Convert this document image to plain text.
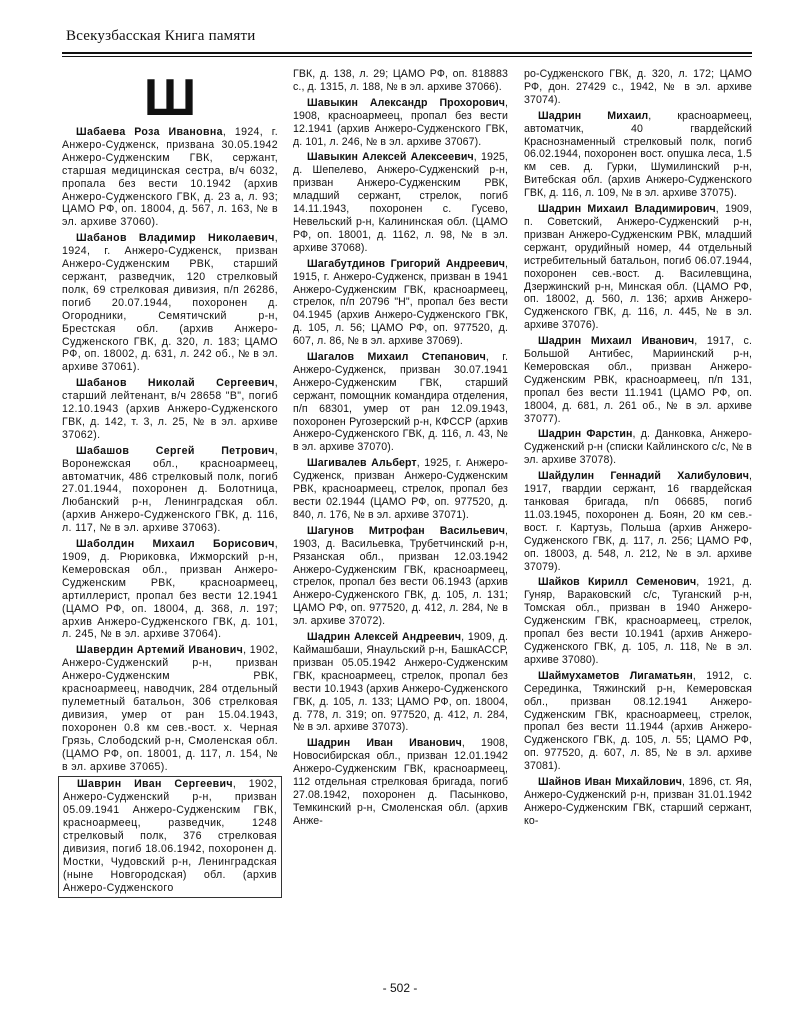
Всекузбасская Книга памяти
Ш

Шабаева Роза Ивановна, 1924, г. Анжеро-Судженск, призвана 30.05.1942 Анжеро-Судженским ГВК, сержант, старшая медицинская сестра, в/ч 6032, пропала без вести 10.1942 (архив Анжеро-Судженского ГВК, д. 23 а, л. 93; ЦАМО РФ, оп. 18004, д. 567, л. 163, № в эл. архиве 37060).

Шабанов Владимир Николаевич, 1924, г. Анжеро-Судженск, призван Анжеро-Судженским РВК, старший сержант, разведчик, 120 стрелковый полк, 69 стрелковая дивизия, п/п 26286, погиб 20.07.1944, похоронен д. Огородники, Семятичский р-н, Брестская обл. (архив Анжеро-Судженского ГВК, д. 320, л. 183; ЦАМО РФ, оп. 18002, д. 631, л. 242 об., № в эл. архиве 37061).

Шабанов Николай Сергеевич, старший лейтенант, в/ч 28658 "В", погиб 12.10.1943 (архив Анжеро-Судженского ГВК, д. 142, т. 3, л. 25, № в эл. архиве 37062).

Шабашов Сергей Петрович, Воронежская обл., красноармеец, автоматчик, 486 стрелковый полк, погиб 27.01.1944, похоронен д. Болотница, Любанский р-н, Ленинградская обл. (архив Анжеро-Судженского ГВК, д. 116, л. 117, № в эл. архиве 37063).

Шаболдин Михаил Борисович, 1909, д. Рюриковка, Ижморский р-н, Кемеровская обл., призван Анжеро-Судженским РВК, красноармеец, артиллерист, пропал без вести 12.1941 (ЦАМО РФ, оп. 18004, д. 368, л. 197; архив Анжеро-Судженского ГВК, д. 101, л. 245, № в эл. архиве 37064).

Шавердин Артемий Иванович, 1902, Анжеро-Судженский р-н, призван Анжеро-Судженским РВК, красноармеец, наводчик, 284 отдельный пулеметный батальон, 306 стрелковая дивизия, умер от ран 15.04.1943, похоронен 0.8 км сев.-вост. х. Черная Грязь, Слободский р-н, Смоленская обл. (ЦАМО РФ, оп. 18001, д. 117, л. 154, № в эл. архиве 37065).

Шаврин Иван Сергеевич, 1902, Анжеро-Судженский р-н, призван 05.09.1941 Анжеро-Судженским ГВК, красноармеец, разведчик, 1248 стрелковый полк, 376 стрелковая дивизия, погиб 18.06.1942, похоронен д. Мостки, Чудовский р-н, Ленинградская (ныне Новгородская) обл. (архив Анжеро-Судженского

ГВК, д. 138, л. 29; ЦАМО РФ, оп. 818883 с., д. 1315, л. 188, № в эл. архиве 37066).

Шавыкин Александр Прохорович, 1908, красноармеец, пропал без вести 12.1941 (архив Анжеро-Судженского ГВК, д. 101, л. 246, № в эл. архиве 37067).

Шавыкин Алексей Алексеевич, 1925, д. Шепелево, Анжеро-Судженский р-н, призван Анжеро-Судженским РВК, младший сержант, стрелок, погиб 14.11.1943, похоронен с. Гусево, Невельский р-н, Калининская обл. (ЦАМО РФ, оп. 18001, д. 1162, л. 98, № в эл. архиве 37068).

Шагабутдинов Григорий Андреевич, 1915, г. Анжеро-Судженск, призван в 1941 Анжеро-Судженским ГВК, красноармеец, стрелок, п/п 20796 "Н", пропал без вести 04.1945 (архив Анжеро-Судженского ГВК, д. 105, л. 56; ЦАМО РФ, оп. 977520, д. 607, л. 86, № в эл. архиве 37069).

Шагалов Михаил Степанович, г. Анжеро-Судженск, призван 30.07.1941 Анжеро-Судженским ГВК, старший сержант, помощник командира отделения, п/п 68301, умер от ран 12.09.1943, похоронен Ругозерский р-н, КФССР (архив Анжеро-Судженского ГВК, д. 116, л. 43, № в эл. архиве 37070).

Шагивалев Альберт, 1925, г. Анжеро-Судженск, призван Анжеро-Судженским РВК, красноармеец, стрелок, пропал без вести 02.1944 (ЦАМО РФ, оп. 977520, д. 840, л. 176, № в эл. архиве 37071).

Шагунов Митрофан Васильевич, 1903, д. Васильевка, Трубетчинский р-н, Рязанская обл., призван 12.03.1942 Анжеро-Судженским ГВК, красноармеец, стрелок, пропал без вести 06.1943 (архив Анжеро-Судженского ГВК, д. 105, л. 131; ЦАМО РФ, оп. 977520, д. 412, л. 284, № в эл. архиве 37072).

Шадрин Алексей Андреевич, 1909, д. Каймашбаши, Янаульский р-н, БашкАССР, призван 05.05.1942 Анжеро-Судженским ГВК, красноармеец, стрелок, пропал без вести 10.1943 (архив Анжеро-Судженского ГВК, д. 105, л. 133; ЦАМО РФ, оп. 18004, д. 778, л. 319; оп. 977520, д. 412, л. 284, № в эл. архиве 37073).

Шадрин Иван Иванович, 1908, Новосибирская обл., призван 12.01.1942 Анжеро-Судженским ГВК, красноармеец, 112 отдельная стрелковая бригада, погиб 27.08.1942, похоронен д. Пасынково, Темкинский р-н, Смоленская обл. (архив Анже-

ро-Судженского ГВК, д. 320, л. 172; ЦАМО РФ, дон. 27429 с., 1942, № в эл. архиве 37074).

Шадрин Михаил, красноармеец, автоматчик, 40 гвардейский Краснознаменный стрелковый полк, погиб 06.02.1944, похоронен вост. опушка леса, 1.5 км сев. д. Гурки, Шумилинский р-н, Витебская обл. (архив Анжеро-Судженского ГВК, д. 116, л. 109, № в эл. архиве 37075).

Шадрин Михаил Владимирович, 1909, п. Советский, Анжеро-Судженский р-н, призван Анжеро-Судженским РВК, младший сержант, орудийный номер, 44 отдельный истребительный батальон, погиб 06.07.1944, похоронен сев.-вост. д. Василевщина, Дзержинский р-н, Минская обл. (ЦАМО РФ, оп. 18002, д. 560, л. 136; архив Анжеро-Судженского ГВК, д. 116, л. 445, № в эл. архиве 37076).

Шадрин Михаил Иванович, 1917, с. Большой Антибес, Мариинский р-н, Кемеровская обл., призван Анжеро-Судженским РВК, красноармеец, п/п 131, пропал без вести 11.1941 (ЦАМО РФ, оп. 18004, д. 681, л. 261 об., № в эл. архиве 37077).

Шадрин Фарстин, д. Данковка, Анжеро-Судженский р-н (списки Кайлинского с/с, № в эл. архиве 37078).

Шайдулин Геннадий Халибулович, 1917, гвардии сержант, 16 гвардейская танковая бригада, п/п 06685, погиб 11.03.1945, похоронен д. Боян, 20 км сев.-вост. г. Картузь, Польша (архив Анжеро-Судженского ГВК, д. 117, л. 256; ЦАМО РФ, оп. 18003, д. 548, л. 212, № в эл. архиве 37079).

Шайков Кирилл Семенович, 1921, д. Гуняр, Вараковский с/с, Туганский р-н, Томская обл., призван в 1940 Анжеро-Судженским ГВК, красноармеец, стрелок, пропал без вести 10.1941 (архив Анжеро-Судженского ГВК, д. 105, л. 118, № в эл. архиве 37080).

Шаймухаметов Лигаматьян, 1912, с. Серединка, Тяжинский р-н, Кемеровская обл., призван 08.12.1941 Анжеро-Судженским ГВК, красноармеец, стрелок, пропал без вести 11.1944 (архив Анжеро-Судженского ГВК, д. 105, л. 55; ЦАМО РФ, оп. 977520, д. 607, л. 85, № в эл. архиве 37081).

Шайнов Иван Михайлович, 1896, ст. Яя, Анжеро-Судженский р-н, призван 31.01.1942 Анжеро-Судженским ГВК, старший сержант, ко-

- 502 -
